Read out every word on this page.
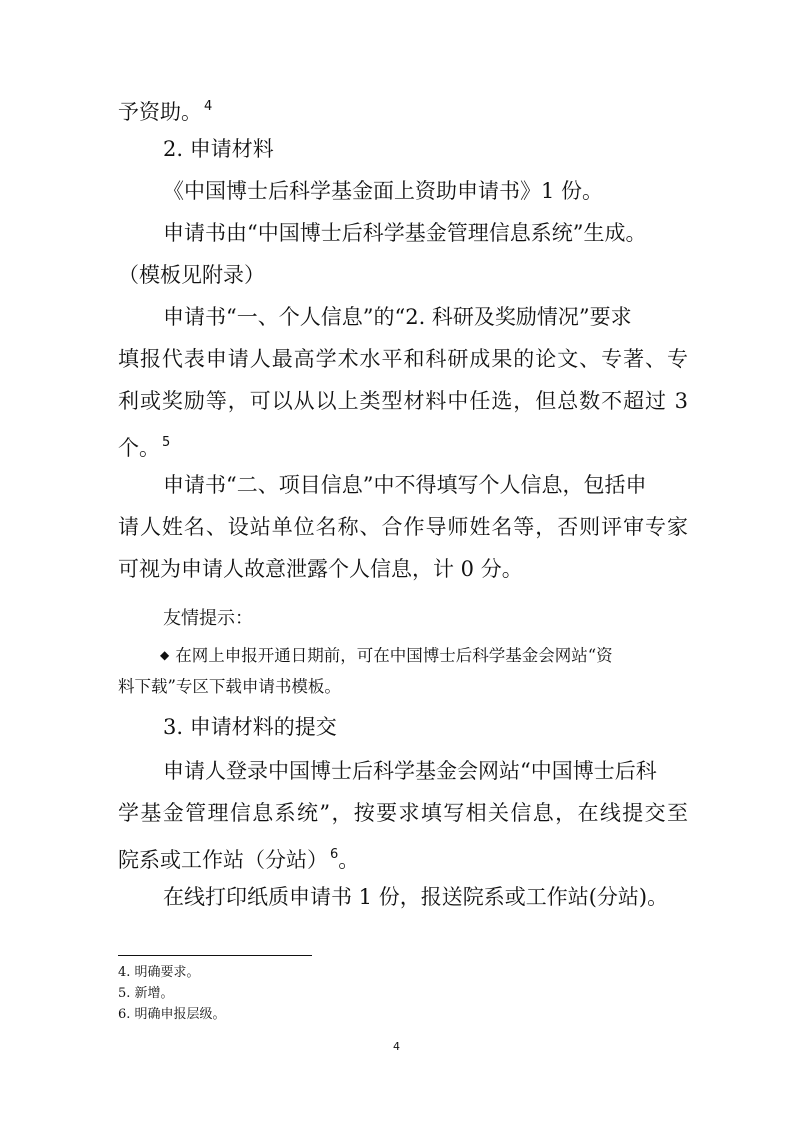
予资助。 $^4$
2. 申请材料
《中国博士后科学基金面上资助申请书》1 份。
申请书由“中国博士后科学基金管理信息系统”生成。
（模板见附录）
申请书“一、个人信息”的“2. 科研及奖励情况”要求
填报代表申请人最高学术水平和科研成果的论文、专著、专
利或奖励等，可以从以上类型材料中任选，但总数不超过 3
个。 $^5$
申请书“二、项目信息”中不得填写个人信息，包括申
请人姓名、设站单位名称、合作导师姓名等，否则评审专家
可视为申请人故意泄露个人信息，计 0 分。
友情提示：
◆ 在网上申报开通日期前，可在中国博士后科学基金会网站“资
料下载”专区下载申请书模板。
3. 申请材料的提交
申请人登录中国博士后科学基金会网站“中国博士后科
学基金管理信息系统”，按要求填写相关信息，在线提交至
院系或工作站（分站） $^6$。
在线打印纸质申请书 1 份，报送院系或工作站(分站)。
4. 明确要求。
5. 新增。
6. 明确申报层级。
4
